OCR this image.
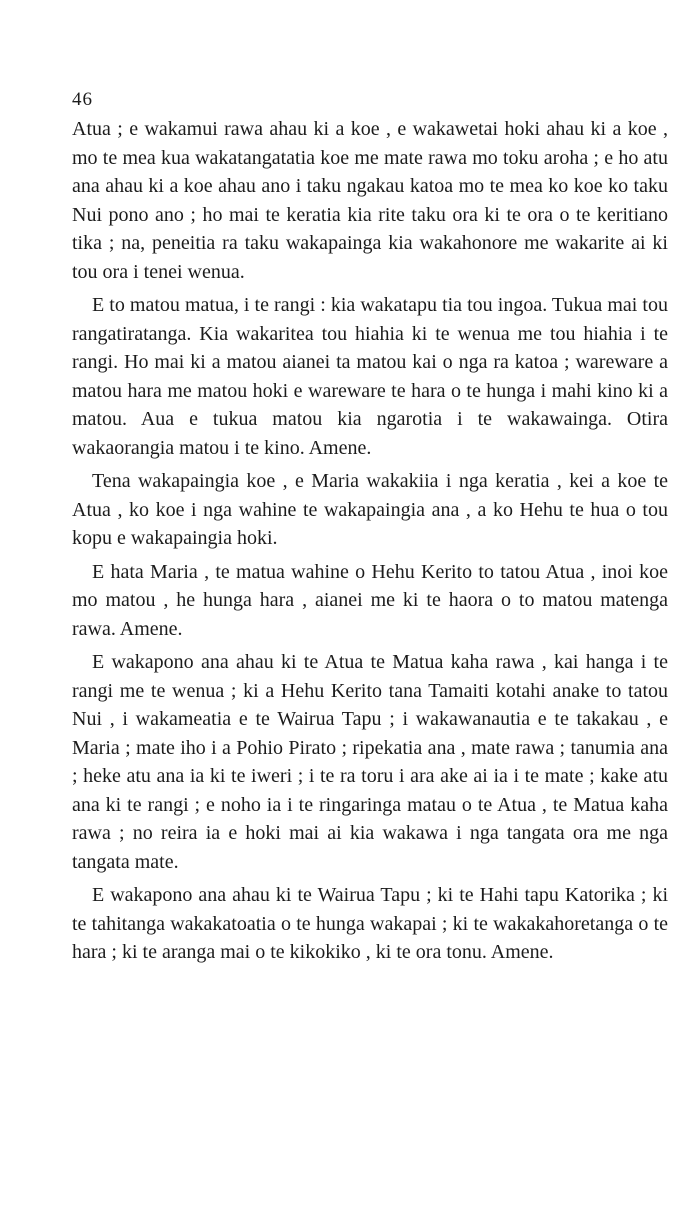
46

Atua ; e wakamui rawa ahau ki a koe , e wakawetai hoki ahau ki a koe , mo te mea kua wakatangatatia koe me mate rawa mo toku aroha ; e ho atu ana ahau ki a koe ahau ano i taku ngakau katoa mo te mea ko koe ko taku Nui pono ano ; ho mai te keratia kia rite taku ora ki te ora o te keritiano tika ; na, peneitia ra taku wakapainga kia wakahonore me wakarite ai ki tou ora i tenei wenua.

E to matou matua, i te rangi : kia wakatapu tia tou ingoa. Tukua mai tou rangatiratanga. Kia wakaritea tou hiahia ki te wenua me tou hiahia i te rangi. Ho mai ki a matou aianei ta matou kai o nga ra katoa ; wareware a matou hara me matou hoki e wareware te hara o te hunga i mahi kino ki a matou. Aua e tukua matou kia ngarotia i te wakawainga. Otira wakaorangia matou i te kino. Amene.

Tena wakapaingia koe , e Maria wakakiia i nga keratia , kei a koe te Atua , ko koe i nga wahine te wakapaingia ana , a ko Hehu te hua o tou kopu e wakapaingia hoki.

E hata Maria , te matua wahine o Hehu Kerito to tatou Atua , inoi koe mo matou , he hunga hara , aianei me ki te haora o to matou matenga rawa. Amene.

E wakapono ana ahau ki te Atua te Matua kaha rawa , kai hanga i te rangi me te wenua ; ki a Hehu Kerito tana Tamaiti kotahi anake to tatou Nui , i wakameatia e te Wairua Tapu ; i wakawanautia e te takakau , e Maria ; mate iho i a Pohio Pirato ; ripekatia ana , mate rawa ; tanumia ana ; heke atu ana ia ki te iweri ; i te ra toru i ara ake ai ia i te mate ; kake atu ana ki te rangi ; e noho ia i te ringaringa matau o te Atua , te Matua kaha rawa ; no reira ia e hoki mai ai kia wakawa i nga tangata ora me nga tangata mate.

E wakapono ana ahau ki te Wairua Tapu ; ki te Hahi tapu Katorika ; ki te tahitanga wakakatoatia o te hunga wakapai ; ki te wakakahoretanga o te hara ; ki te aranga mai o te kikokiko , ki te ora tonu. Amene.
